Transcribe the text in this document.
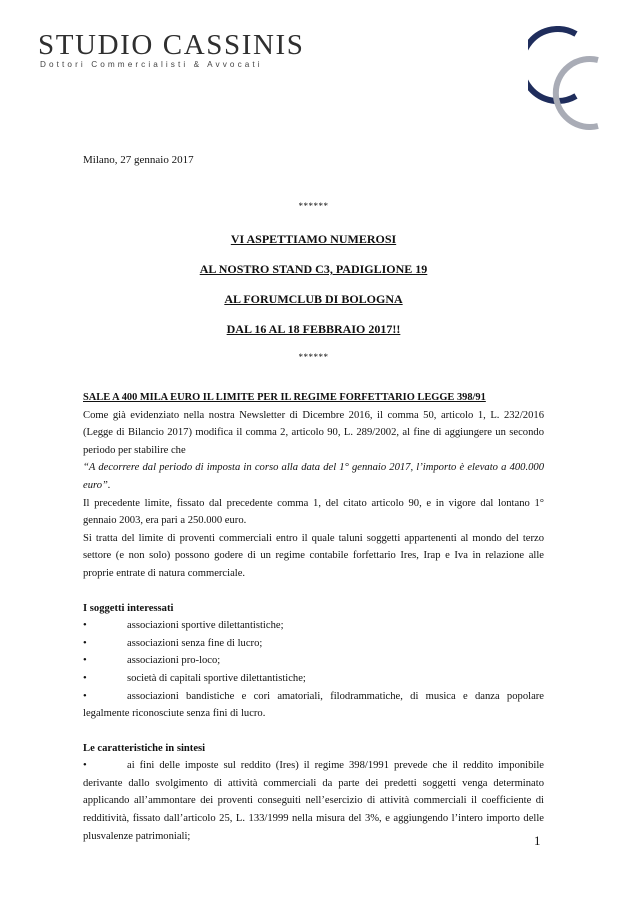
STUDIO CASSINIS
Dottori Commercialisti & Avvocati
Milano, 27 gennaio 2017
******
VI ASPETTIAMO NUMEROSI
AL NOSTRO STAND C3, PADIGLIONE 19
AL FORUMCLUB DI BOLOGNA
DAL 16 AL 18 FEBBRAIO 2017!!
******

SALE A 400 MILA EURO IL LIMITE PER IL REGIME FORFETTARIO LEGGE 398/91

Come già evidenziato nella nostra Newsletter di Dicembre 2016, il comma 50, articolo 1, L. 232/2016 (Legge di Bilancio 2017) modifica il comma 2, articolo 90, L. 289/2002, al fine di aggiungere un secondo periodo per stabilire che

“A decorrere dal periodo di imposta in corso alla data del 1° gennaio 2017, l’importo è elevato a 400.000 euro”.

Il precedente limite, fissato dal precedente comma 1, del citato articolo 90, e in vigore dal lontano 1° gennaio 2003, era pari a 250.000 euro.

Si tratta del limite di proventi commerciali entro il quale taluni soggetti appartenenti al mondo del terzo settore (e non solo) possono godere di un regime contabile forfettario Ires, Irap e Iva in relazione alle proprie entrate di natura commerciale.

I soggetti interessati

•	associazioni sportive dilettantistiche;

•	associazioni senza fine di lucro;

•	associazioni pro-loco;

•	società di capitali sportive dilettantistiche;

•	associazioni bandistiche e cori amatoriali, filodrammatiche, di musica e danza popolare legalmente riconosciute senza fini di lucro.

Le caratteristiche in sintesi

•	ai fini delle imposte sul reddito (Ires) il regime 398/1991 prevede che il reddito imponibile derivante dallo svolgimento di attività commerciali da parte dei predetti soggetti venga determinato applicando all’ammontare dei proventi conseguiti nell’esercizio di attività commerciali il coefficiente di redditività, fissato dall’articolo 25, L. 133/1999 nella misura del 3%, e aggiungendo l’intero importo delle plusvalenze patrimoniali;	1
